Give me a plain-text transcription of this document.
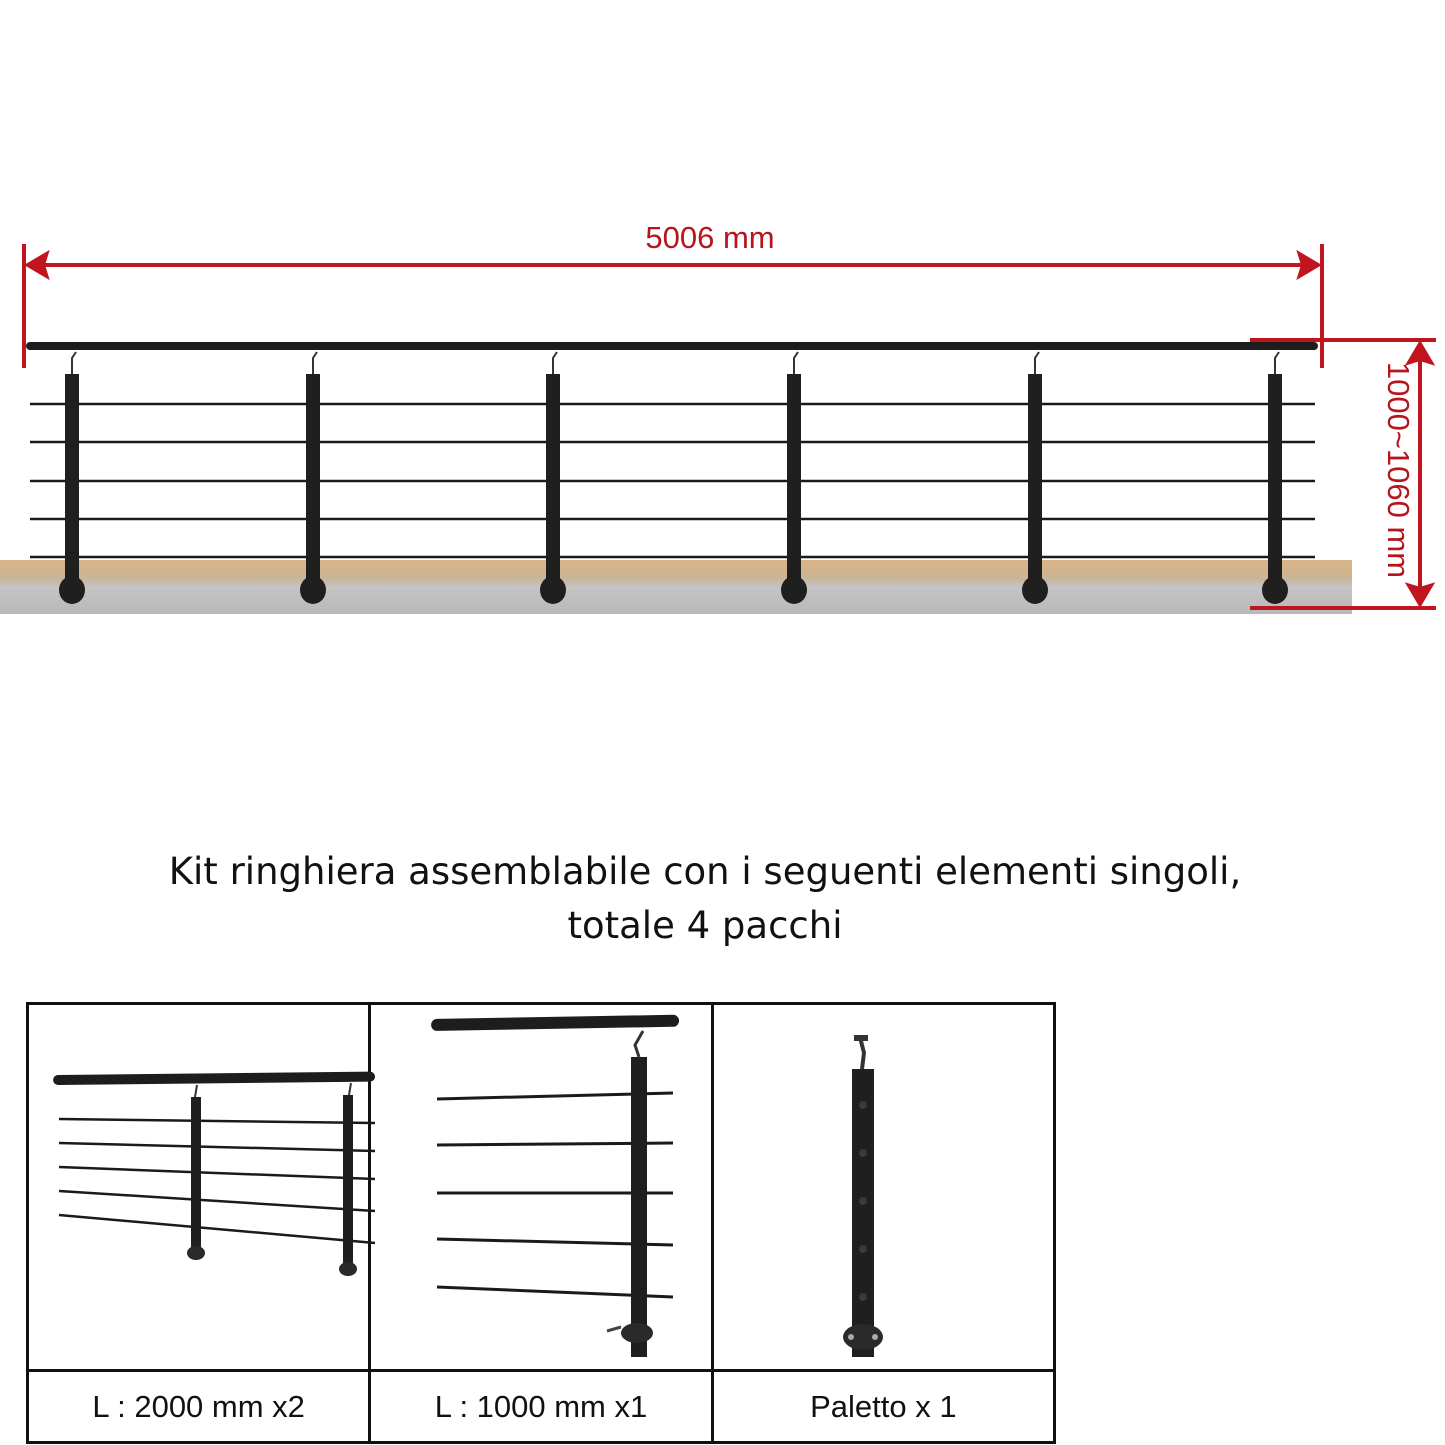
5006 mm
1000~1060 mm
Kit ringhiera assemblabile con i seguenti elementi singoli,
totale 4 pacchi

L : 2000 mm x2	L : 1000 mm x1	Paletto x 1
